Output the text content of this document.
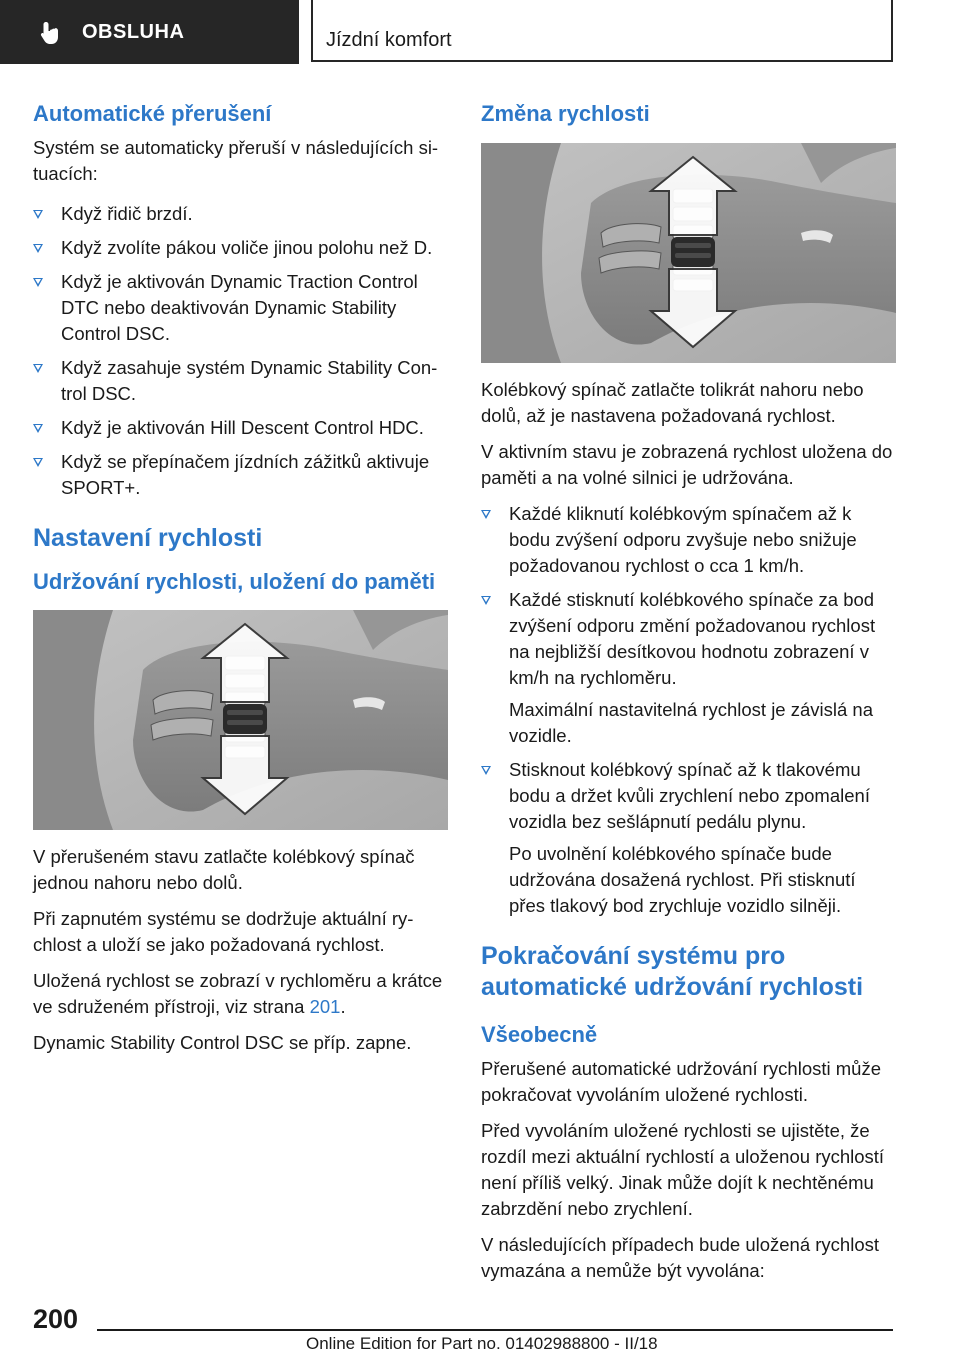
OBSLUHA	Jízdní komfort
Automatické přerušení

Systém se automaticky přeruší v následujících si-tuacích:

Když řidič brzdí.
Když zvolíte pákou voliče jinou polohu než D.
Když je aktivován Dynamic Traction Control DTC nebo deaktivován Dynamic Stability Control DSC.
Když zasahuje systém Dynamic Stability Con-trol DSC.
Když je aktivován Hill Descent Control HDC.
Když se přepínačem jízdních zážitků aktivuje SPORT+.
Nastavení rychlosti
Udržování rychlosti, uložení do paměti

V přerušeném stavu zatlačte kolébkový spínač jednou nahoru nebo dolů.

Při zapnutém systému se dodržuje aktuální ry-chlost a uloží se jako požadovaná rychlost.

Uložená rychlost se zobrazí v rychloměru a krátce ve sdruženém přístroji, viz strana 201.

Dynamic Stability Control DSC se příp. zapne.

Změna rychlosti

Kolébkový spínač zatlačte tolikrát nahoru nebo dolů, až je nastavena požadovaná rychlost.

V aktivním stavu je zobrazená rychlost uložena do paměti a na volné silnici je udržována.

Každé kliknutí kolébkovým spínačem až k bodu zvýšení odporu zvyšuje nebo snižuje požadovanou rychlost o cca 1 km/h.
Každé stisknutí kolébkového spínače za bod zvýšení odporu změní požadovanou rychlost na nejbližší desítkovou hodnotu zobrazení v km/h na rychloměru.

Maximální nastavitelná rychlost je závislá na vozidle.

Stisknout kolébkový spínač až k tlakovému bodu a držet kvůli zrychlení nebo zpomalení vozidla bez sešlápnutí pedálu plynu.

Po uvolnění kolébkového spínače bude udržována dosažená rychlost. Při stisknutí přes tlakový bod zrychluje vozidlo silněji.

Pokračování systému pro automatické udržování rychlosti
Všeobecně

Přerušené automatické udržování rychlosti může pokračovat vyvoláním uložené rychlosti.

Před vyvoláním uložené rychlosti se ujistěte, že rozdíl mezi aktuální rychlostí a uloženou rychlostí není příliš velký. Jinak může dojít k nechtěnému zabrzdění nebo zrychlení.

V následujících případech bude uložená rychlost vymazána a nemůže být vyvolána:

200
Online Edition for Part no. 01402988800 - II/18
